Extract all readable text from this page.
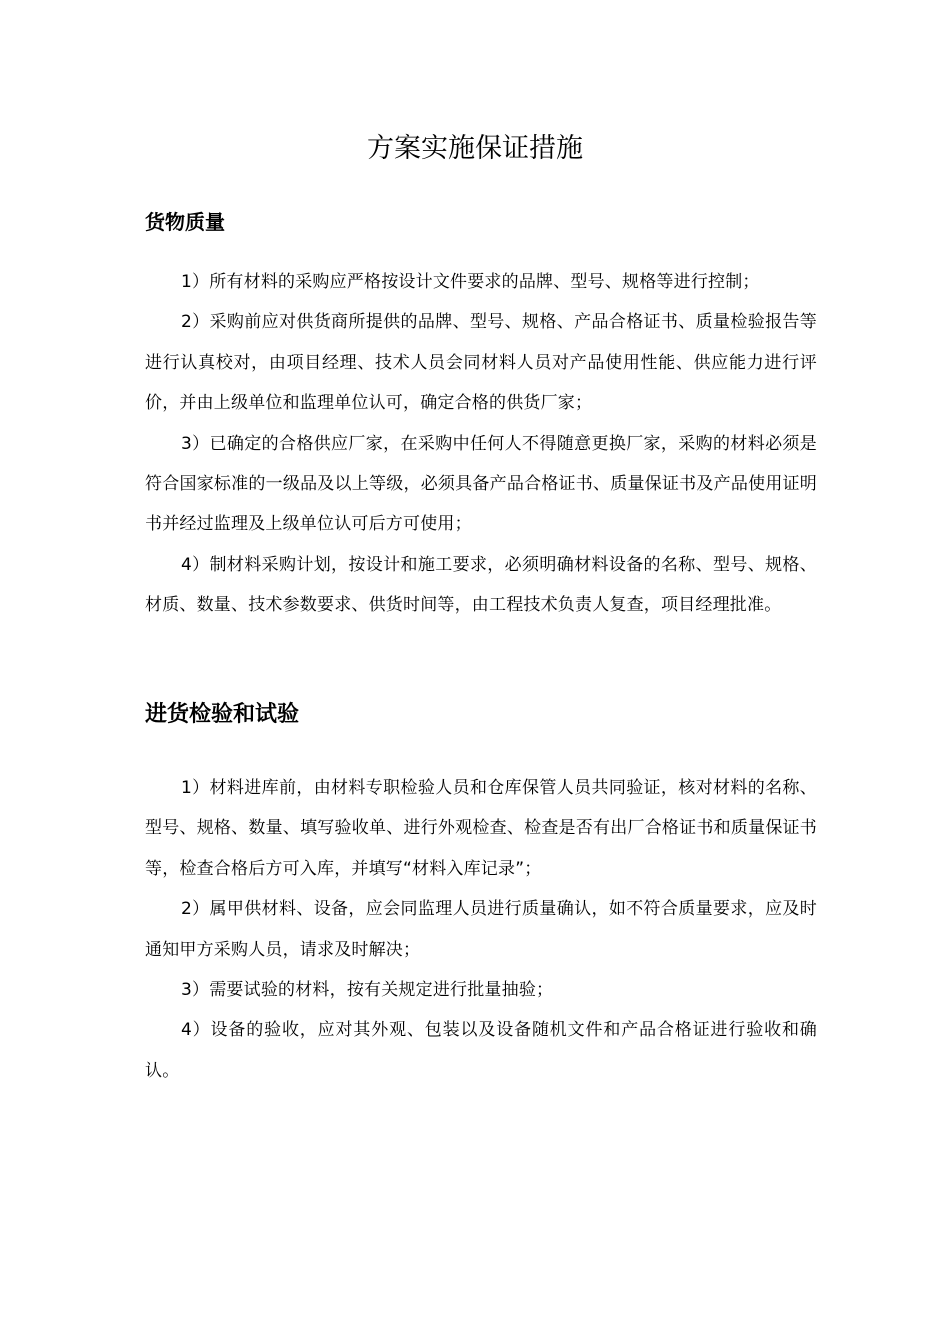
方案实施保证措施
货物质量

1）所有材料的采购应严格按设计文件要求的品牌、型号、规格等进行控制；

2）采购前应对供货商所提供的品牌、型号、规格、产品合格证书、质量检验报告等进行认真校对，由项目经理、技术人员会同材料人员对产品使用性能、供应能力进行评价，并由上级单位和监理单位认可，确定合格的供货厂家；

3）已确定的合格供应厂家，在采购中任何人不得随意更换厂家，采购的材料必须是符合国家标准的一级品及以上等级，必须具备产品合格证书、质量保证书及产品使用证明书并经过监理及上级单位认可后方可使用；

4）制材料采购计划，按设计和施工要求，必须明确材料设备的名称、型号、规格、材质、数量、技术参数要求、供货时间等，由工程技术负责人复查，项目经理批准。

进货检验和试验

1）材料进库前，由材料专职检验人员和仓库保管人员共同验证，核对材料的名称、型号、规格、数量、填写验收单、进行外观检查、检查是否有出厂合格证书和质量保证书等，检查合格后方可入库，并填写“材料入库记录”；

2）属甲供材料、设备，应会同监理人员进行质量确认，如不符合质量要求，应及时通知甲方采购人员，请求及时解决；

3）需要试验的材料，按有关规定进行批量抽验；

4）设备的验收，应对其外观、包装以及设备随机文件和产品合格证进行验收和确认。
